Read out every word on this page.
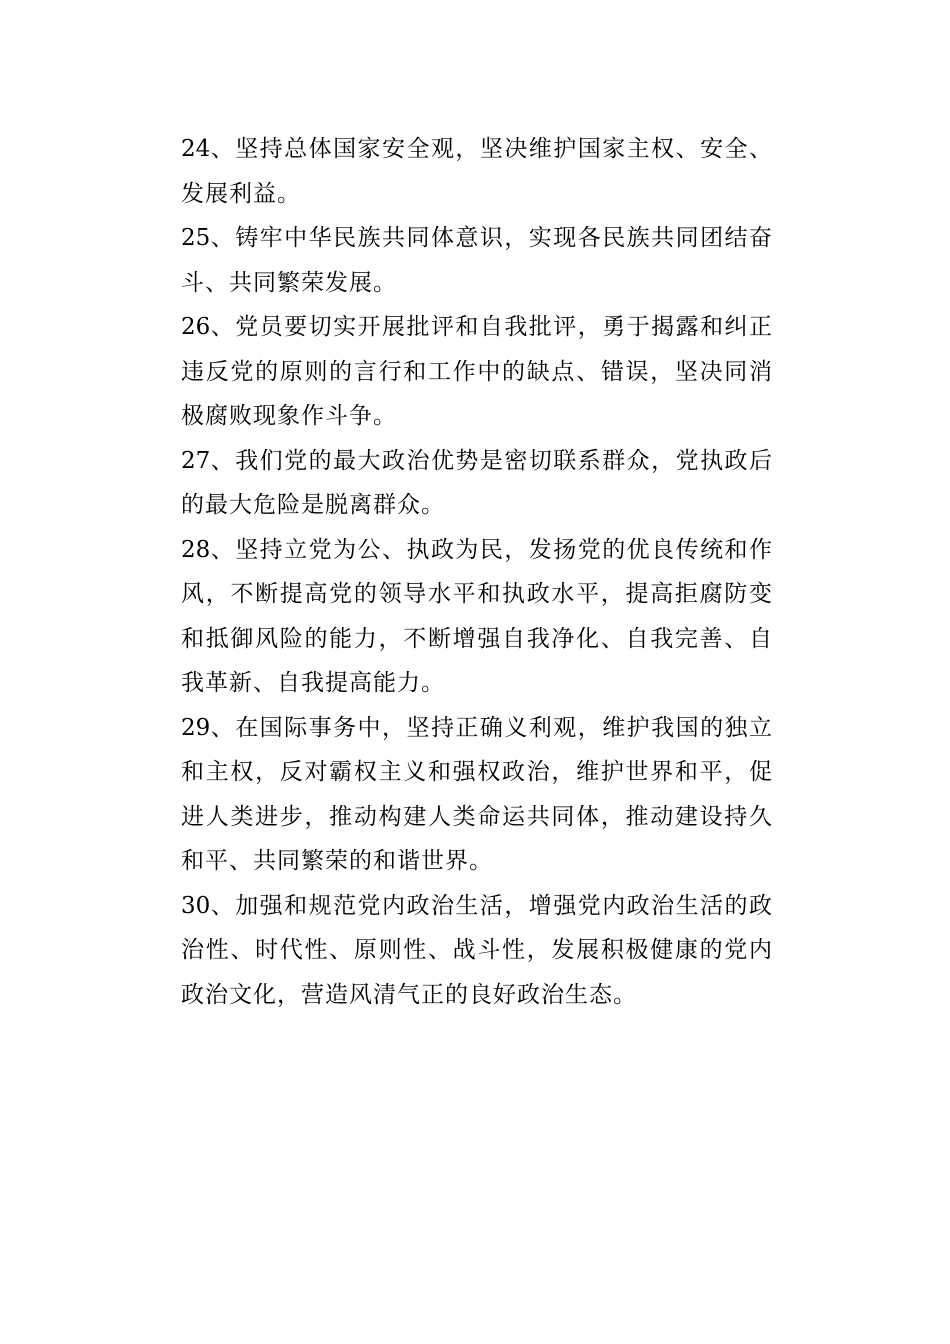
24、坚持总体国家安全观，坚决维护国家主权、安全、发展利益。

25、铸牢中华民族共同体意识，实现各民族共同团结奋斗、共同繁荣发展。

26、党员要切实开展批评和自我批评，勇于揭露和纠正违反党的原则的言行和工作中的缺点、错误，坚决同消极腐败现象作斗争。

27、我们党的最大政治优势是密切联系群众，党执政后的最大危险是脱离群众。

28、坚持立党为公、执政为民，发扬党的优良传统和作风，不断提高党的领导水平和执政水平，提高拒腐防变和抵御风险的能力，不断增强自我净化、自我完善、自我革新、自我提高能力。

29、在国际事务中，坚持正确义利观，维护我国的独立和主权，反对霸权主义和强权政治，维护世界和平，促进人类进步，推动构建人类命运共同体，推动建设持久和平、共同繁荣的和谐世界。

30、加强和规范党内政治生活，增强党内政治生活的政治性、时代性、原则性、战斗性，发展积极健康的党内政治文化，营造风清气正的良好政治生态。
